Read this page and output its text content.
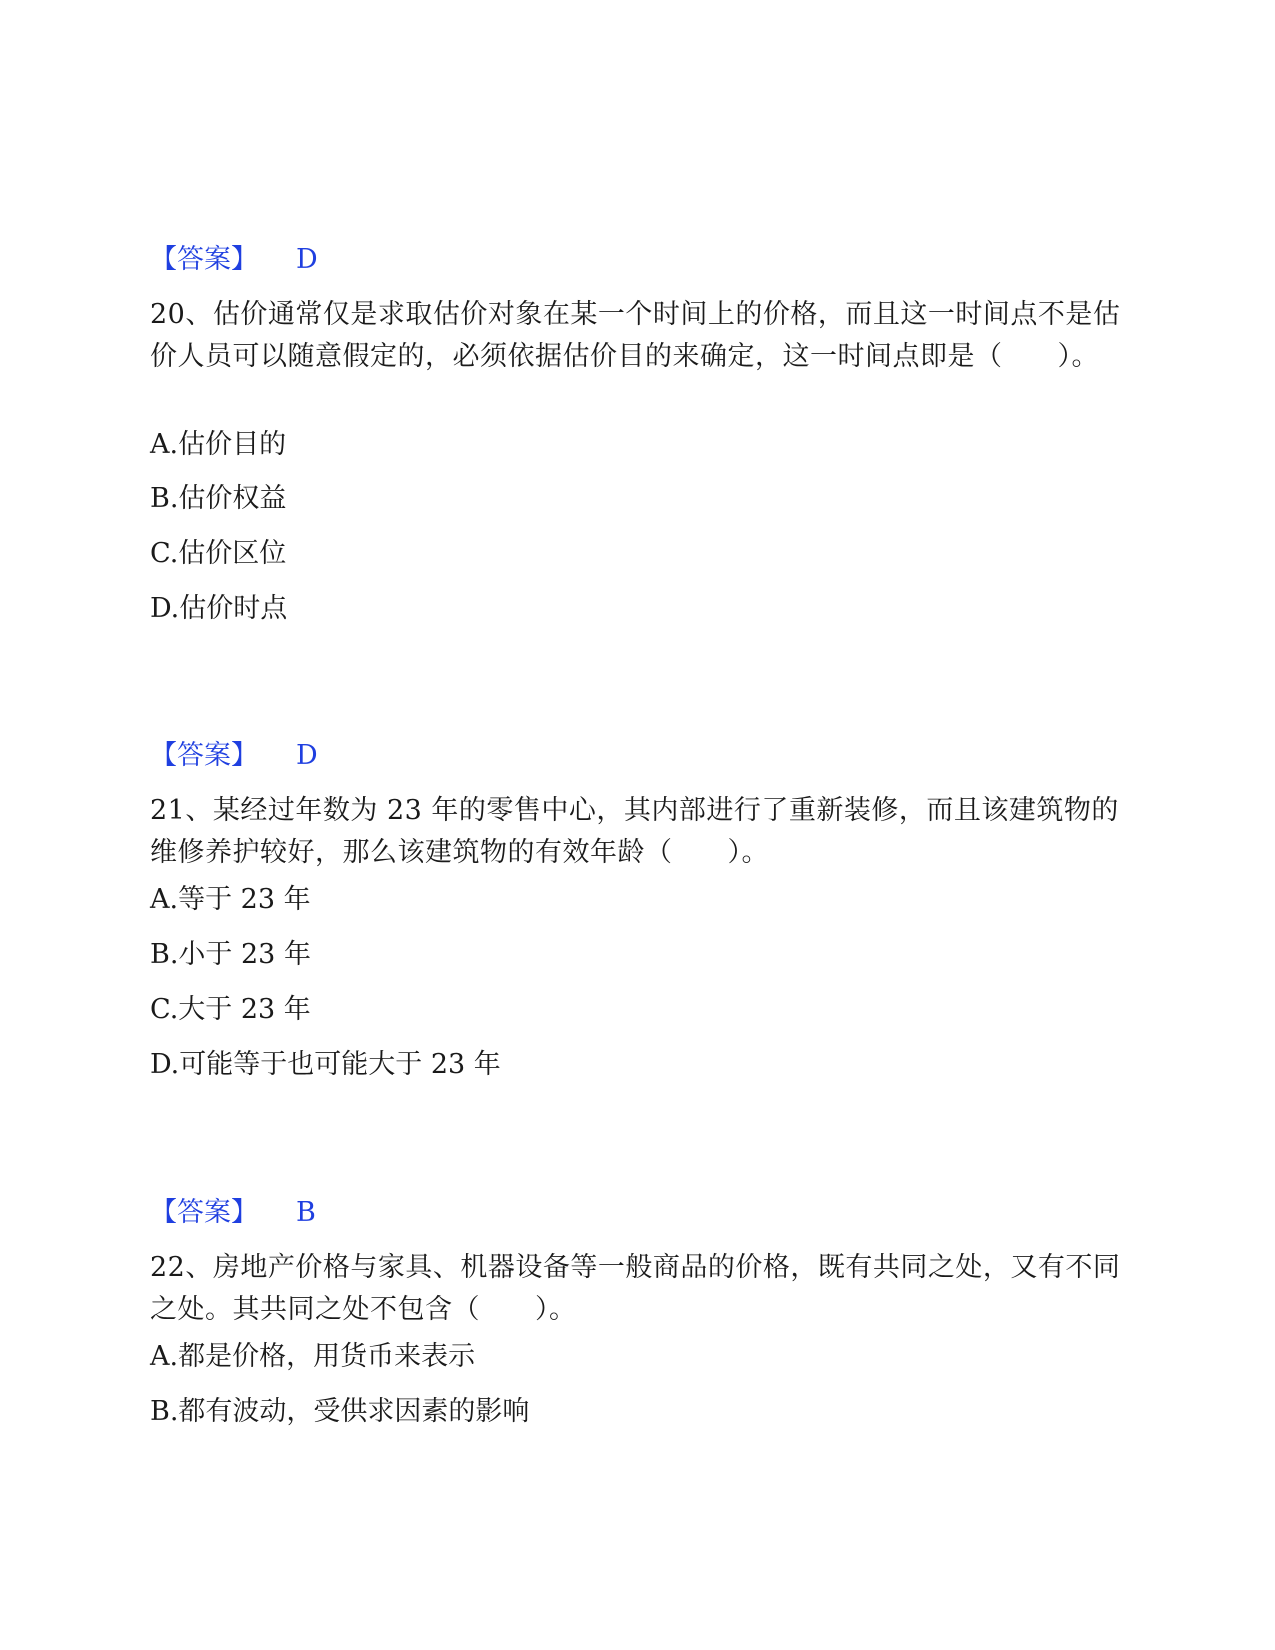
【答案】 D
20、估价通常仅是求取估价对象在某一个时间上的价格，而且这一时间点不是估价人员可以随意假定的，必须依据估价目的来确定，这一时间点即是（　　）。
A.估价目的
B.估价权益
C.估价区位
D.估价时点
【答案】 D
21、某经过年数为 23 年的零售中心，其内部进行了重新装修，而且该建筑物的维修养护较好，那么该建筑物的有效年龄（　　）。
A.等于 23 年
B.小于 23 年
C.大于 23 年
D.可能等于也可能大于 23 年
【答案】 B
22、房地产价格与家具、机器设备等一般商品的价格，既有共同之处，又有不同之处。其共同之处不包含（　　）。
A.都是价格，用货币来表示
B.都有波动，受供求因素的影响
